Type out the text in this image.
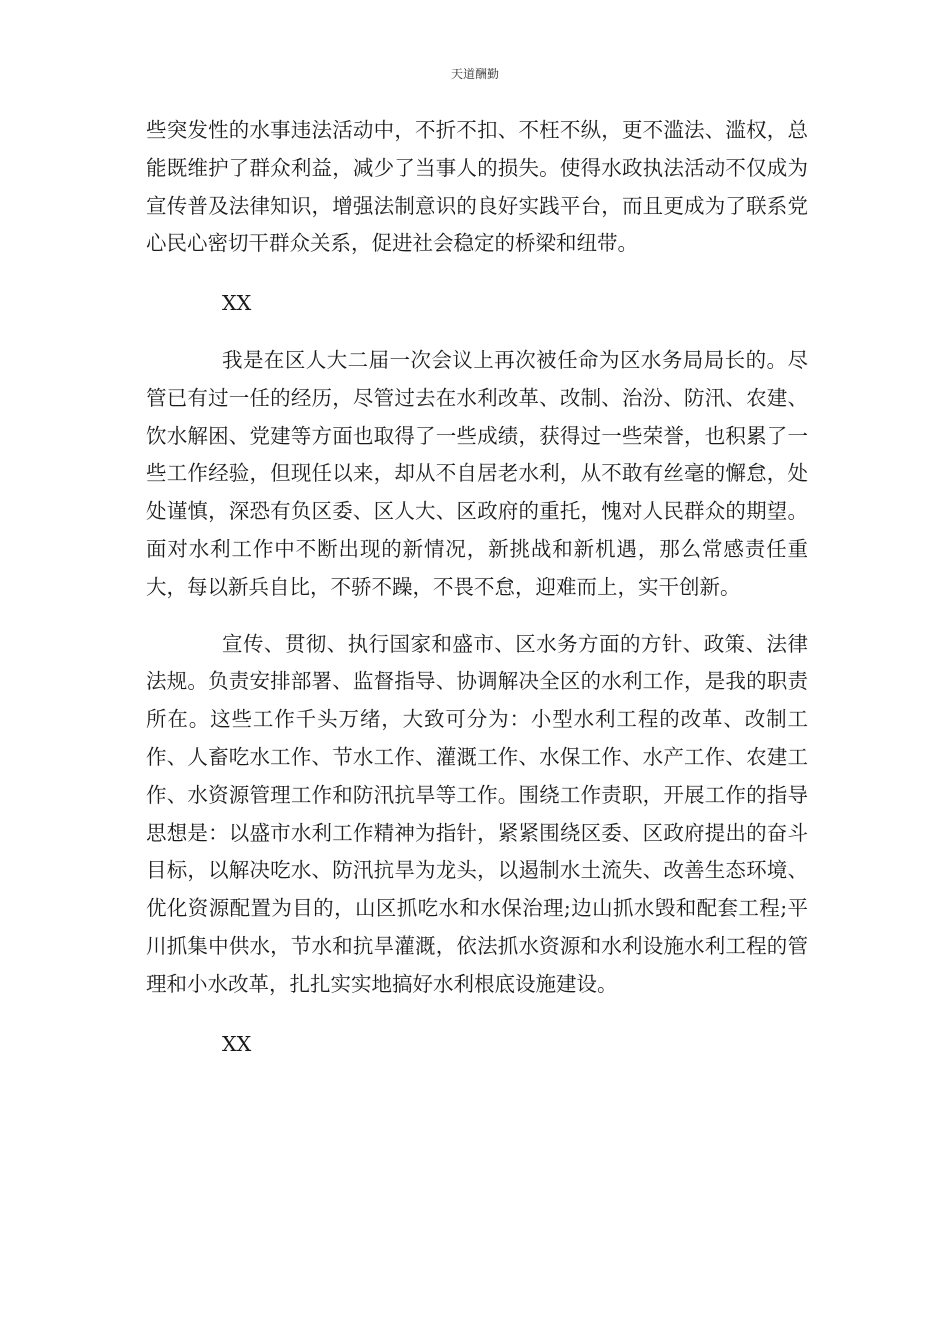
天道酬勤

些突发性的水事违法活动中，不折不扣、不枉不纵，更不滥法、滥权，总能既维护了群众利益，减少了当事人的损失。使得水政执法活动不仅成为宣传普及法律知识，增强法制意识的良好实践平台，而且更成为了联系党心民心密切干群众关系，促进社会稳定的桥梁和纽带。

XX

我是在区人大二届一次会议上再次被任命为区水务局局长的。尽管已有过一任的经历，尽管过去在水利改革、改制、治汾、防汛、农建、饮水解困、党建等方面也取得了一些成绩，获得过一些荣誉，也积累了一些工作经验，但现任以来，却从不自居老水利，从不敢有丝毫的懈怠，处处谨慎，深恐有负区委、区人大、区政府的重托，愧对人民群众的期望。面对水利工作中不断出现的新情况，新挑战和新机遇，那么常感责任重大，每以新兵自比，不骄不躁，不畏不怠，迎难而上，实干创新。

宣传、贯彻、执行国家和盛市、区水务方面的方针、政策、法律法规。负责安排部署、监督指导、协调解决全区的水利工作，是我的职责所在。这些工作千头万绪，大致可分为：小型水利工程的改革、改制工作、人畜吃水工作、节水工作、灌溉工作、水保工作、水产工作、农建工作、水资源管理工作和防汛抗旱等工作。围绕工作责职，开展工作的指导思想是：以盛市水利工作精神为指针，紧紧围绕区委、区政府提出的奋斗目标，以解决吃水、防汛抗旱为龙头，以遏制水土流失、改善生态环境、优化资源配置为目的，山区抓吃水和水保治理;边山抓水毁和配套工程;平川抓集中供水，节水和抗旱灌溉，依法抓水资源和水利设施水利工程的管理和小水改革，扎扎实实地搞好水利根底设施建设。

XX
